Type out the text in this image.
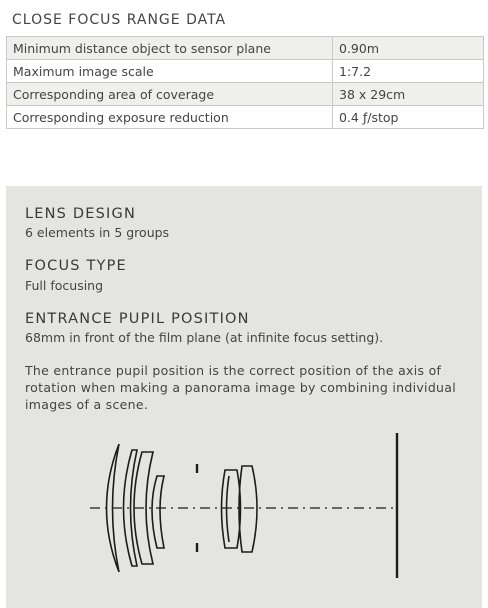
CLOSE FOCUS RANGE DATA
Minimum distance object to sensor plane	0.90m
Maximum image scale	1:7.2
Corresponding area of coverage	38 x 29cm
Corresponding exposure reduction	0.4 ƒ/stop
LENS DESIGN
6 elements in 5 groups
FOCUS TYPE
Full focusing
ENTRANCE PUPIL POSITION
68mm in front of the film plane (at infinite focus setting).
The entrance pupil position is the correct position of the axis of rotation when making a panorama image by combining individual images of a scene.
